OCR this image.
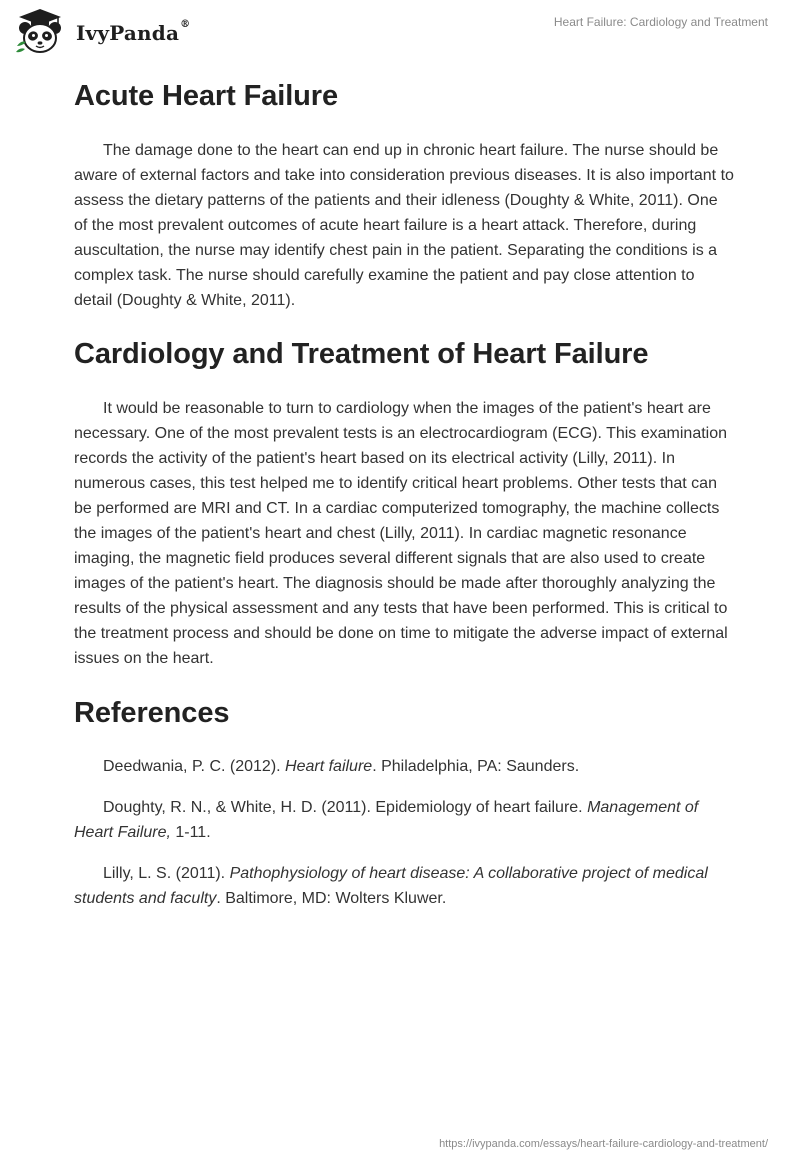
IvyPanda®	Heart Failure: Cardiology and Treatment
Acute Heart Failure

The damage done to the heart can end up in chronic heart failure. The nurse should be aware of external factors and take into consideration previous diseases. It is also important to assess the dietary patterns of the patients and their idleness (Doughty & White, 2011). One of the most prevalent outcomes of acute heart failure is a heart attack. Therefore, during auscultation, the nurse may identify chest pain in the patient. Separating the conditions is a complex task. The nurse should carefully examine the patient and pay close attention to detail (Doughty & White, 2011).

Cardiology and Treatment of Heart Failure

It would be reasonable to turn to cardiology when the images of the patient's heart are necessary. One of the most prevalent tests is an electrocardiogram (ECG). This examination records the activity of the patient's heart based on its electrical activity (Lilly, 2011). In numerous cases, this test helped me to identify critical heart problems. Other tests that can be performed are MRI and CT. In a cardiac computerized tomography, the machine collects the images of the patient's heart and chest (Lilly, 2011). In cardiac magnetic resonance imaging, the magnetic field produces several different signals that are also used to create images of the patient's heart. The diagnosis should be made after thoroughly analyzing the results of the physical assessment and any tests that have been performed. This is critical to the treatment process and should be done on time to mitigate the adverse impact of external issues on the heart.

References

Deedwania, P. C. (2012). Heart failure. Philadelphia, PA: Saunders.

Doughty, R. N., & White, H. D. (2011). Epidemiology of heart failure. Management of Heart Failure, 1-11.

Lilly, L. S. (2011). Pathophysiology of heart disease: A collaborative project of medical students and faculty. Baltimore, MD: Wolters Kluwer.

https://ivypanda.com/essays/heart-failure-cardiology-and-treatment/
